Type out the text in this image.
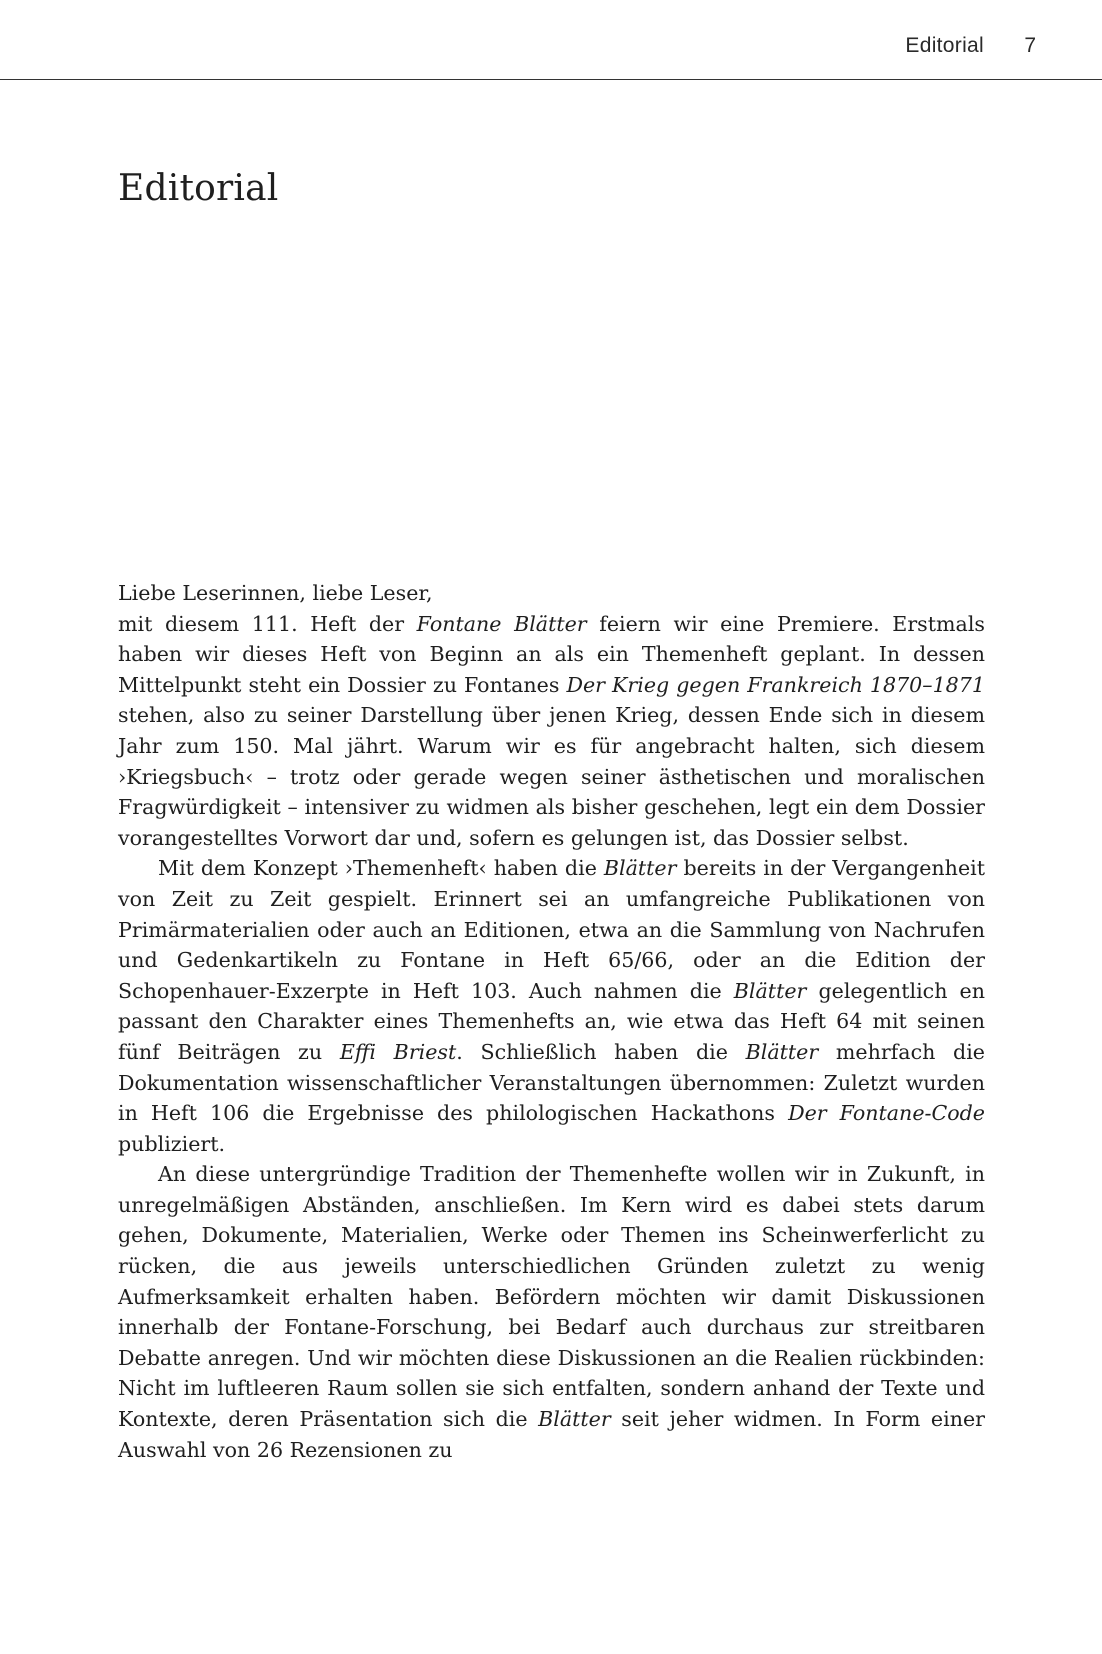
Editorial 7
Editorial

Liebe Leserinnen, liebe Leser,

mit diesem 111. Heft der Fontane Blätter feiern wir eine Premiere. Erstmals haben wir dieses Heft von Beginn an als ein Themenheft geplant. In dessen Mittelpunkt steht ein Dossier zu Fontanes Der Krieg gegen Frankreich 1870–1871 stehen, also zu seiner Darstellung über jenen Krieg, dessen Ende sich in diesem Jahr zum 150. Mal jährt. Warum wir es für angebracht halten, sich diesem ›Kriegsbuch‹ – trotz oder gerade wegen seiner ästhetischen und moralischen Fragwürdigkeit – intensiver zu widmen als bisher geschehen, legt ein dem Dossier vorangestelltes Vorwort dar und, sofern es gelungen ist, das Dossier selbst.

Mit dem Konzept ›Themenheft‹ haben die Blätter bereits in der Vergangenheit von Zeit zu Zeit gespielt. Erinnert sei an umfangreiche Publikationen von Primärmaterialien oder auch an Editionen, etwa an die Sammlung von Nachrufen und Gedenkartikeln zu Fontane in Heft 65/66, oder an die Edition der Schopenhauer-Exzerpte in Heft 103. Auch nahmen die Blätter gelegentlich en passant den Charakter eines Themenhefts an, wie etwa das Heft 64 mit seinen fünf Beiträgen zu Effi Briest. Schließlich haben die Blätter mehrfach die Dokumentation wissenschaftlicher Veranstaltungen übernommen: Zuletzt wurden in Heft 106 die Ergebnisse des philologischen Hackathons Der Fontane-Code publiziert.

An diese untergründige Tradition der Themenhefte wollen wir in Zukunft, in unregelmäßigen Abständen, anschließen. Im Kern wird es dabei stets darum gehen, Dokumente, Materialien, Werke oder Themen ins Scheinwerferlicht zu rücken, die aus jeweils unterschiedlichen Gründen zuletzt zu wenig Aufmerksamkeit erhalten haben. Befördern möchten wir damit Diskussionen innerhalb der Fontane-Forschung, bei Bedarf auch durchaus zur streitbaren Debatte anregen. Und wir möchten diese Diskussionen an die Realien rückbinden: Nicht im luftleeren Raum sollen sie sich entfalten, sondern anhand der Texte und Kontexte, deren Präsentation sich die Blätter seit jeher widmen. In Form einer Auswahl von 26 Rezensionen zu
